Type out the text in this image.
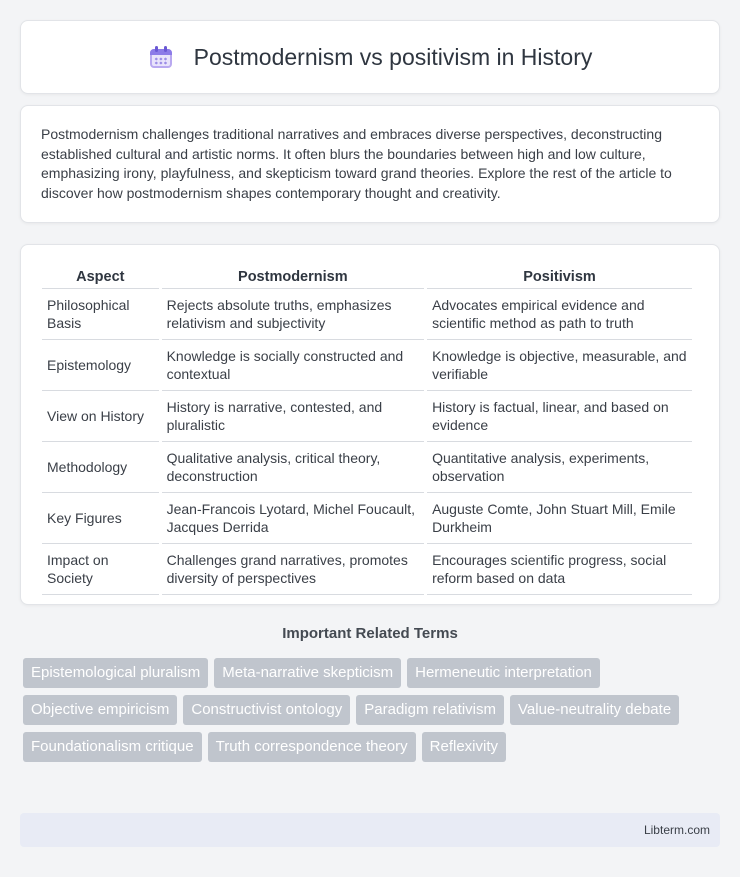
Postmodernism vs positivism in History

Postmodernism challenges traditional narratives and embraces diverse perspectives, deconstructing established cultural and artistic norms. It often blurs the boundaries between high and low culture, emphasizing irony, playfulness, and skepticism toward grand theories. Explore the rest of the article to discover how postmodernism shapes contemporary thought and creativity.

Aspect	Postmodernism	Positivism
Philosophical Basis	Rejects absolute truths, emphasizes relativism and subjectivity	Advocates empirical evidence and scientific method as path to truth
Epistemology	Knowledge is socially constructed and contextual	Knowledge is objective, measurable, and verifiable
View on History	History is narrative, contested, and pluralistic	History is factual, linear, and based on evidence
Methodology	Qualitative analysis, critical theory, deconstruction	Quantitative analysis, experiments, observation
Key Figures	Jean-Francois Lyotard, Michel Foucault, Jacques Derrida	Auguste Comte, John Stuart Mill, Emile Durkheim
Impact on Society	Challenges grand narratives, promotes diversity of perspectives	Encourages scientific progress, social reform based on data
Important Related Terms
Epistemological pluralism	Meta-narrative skepticism	Hermeneutic interpretation
Objective empiricism	Constructivist ontology	Paradigm relativism	Value-neutrality debate
Foundationalism critique	Truth correspondence theory	Reflexivity
Libterm.com
